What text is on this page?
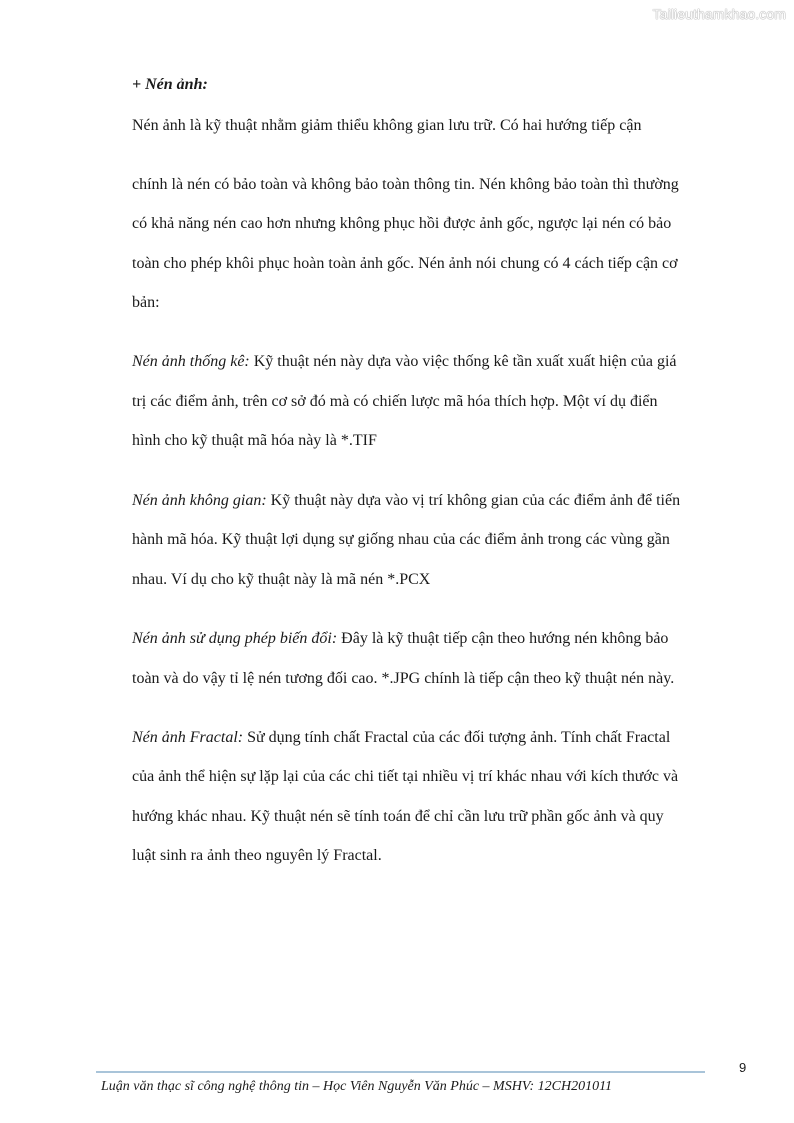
Tailieuthamkhao.com
+ Nén ảnh:
Nén ảnh là kỹ thuật nhằm giảm thiểu không gian lưu trữ. Có hai hướng tiếp cận
chính là nén có bảo toàn và không bảo toàn thông tin. Nén không bảo toàn thì thường
có khả năng nén cao hơn nhưng không phục hồi được ảnh gốc, ngược lại nén có bảo
toàn cho phép khôi phục hoàn toàn ảnh gốc. Nén ảnh nói chung có 4 cách tiếp cận cơ
bản:
Nén ảnh thống kê: Kỹ thuật nén này dựa vào việc thống kê tần xuất xuất hiện của giá
trị các điểm ảnh, trên cơ sở đó mà có chiến lược mã hóa thích hợp. Một ví dụ điển
hình cho kỹ thuật mã hóa này là *.TIF
Nén ảnh không gian: Kỹ thuật này dựa vào vị trí không gian của các điểm ảnh để tiến
hành mã hóa. Kỹ thuật lợi dụng sự giống nhau của các điểm ảnh trong các vùng gần
nhau. Ví dụ cho kỹ thuật này là mã nén *.PCX
Nén ảnh sử dụng phép biến đổi: Đây là kỹ thuật tiếp cận theo hướng nén không bảo
toàn và do vậy tỉ lệ nén tương đối cao. *.JPG chính là tiếp cận theo kỹ thuật nén này.
Nén ảnh Fractal: Sử dụng tính chất Fractal của các đối tượng ảnh. Tính chất Fractal
của ảnh thể hiện sự lặp lại của các chi tiết tại nhiều vị trí khác nhau với kích thước và
hướng khác nhau. Kỹ thuật nén sẽ tính toán để chỉ cần lưu trữ phần gốc ảnh và quy
luật sinh ra ảnh theo nguyên lý Fractal.
9
Luận văn thạc sĩ công nghệ thông tin – Học Viên Nguyễn Văn Phúc – MSHV: 12CH201011
